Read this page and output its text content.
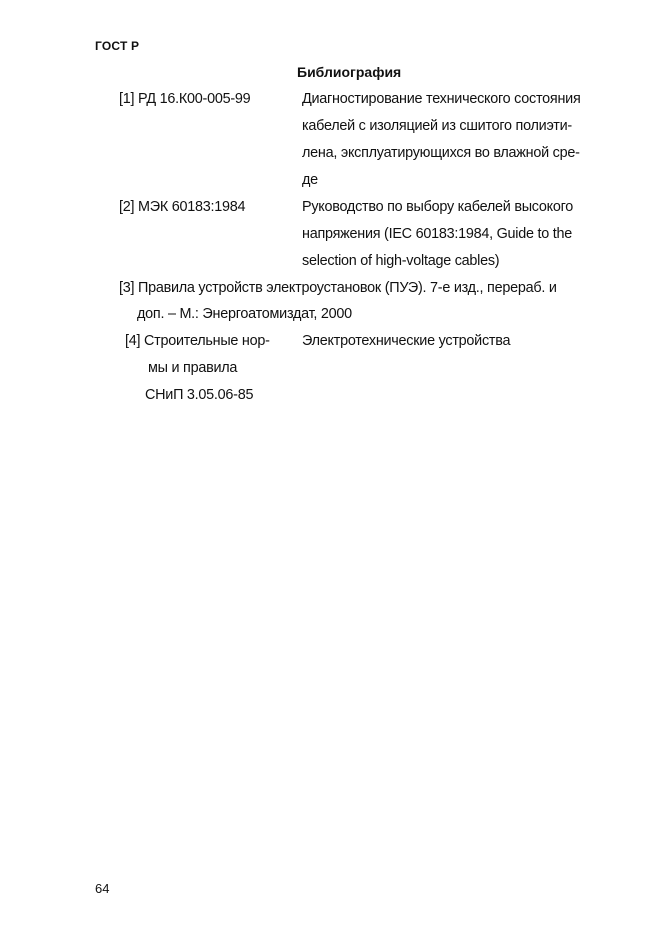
ГОСТ Р
Библиография
[1] РД 16.К00-005-99	Диагностирование технического состояния
кабелей с изоляцией из сшитого полиэти-
лена, эксплуатирующихся во влажной сре-
де
[2] МЭК 60183:1984	Руководство по выбору кабелей высокого
напряжения (IEC 60183:1984, Guide to the
selection of high-voltage cables)
[3] Правила устройств электроустановок (ПУЭ). 7-е изд., перераб. и
доп. – М.: Энергоатомиздат, 2000
[4] Строительные нор-
мы и правила
СНиП 3.05.06-85
Электротехнические устройства
64
